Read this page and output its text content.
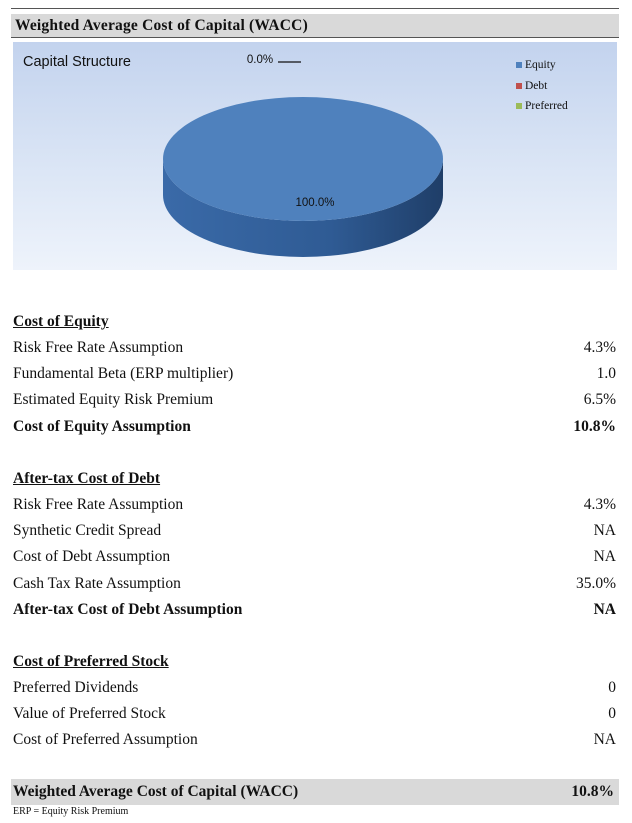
Weighted Average Cost of Capital (WACC)
100.0%
0.0%
Capital Structure	Equity
Debt
Preferred
Cost of Equity
Risk Free Rate Assumption	4.3%
Fundamental Beta (ERP multiplier)	1.0
Estimated Equity Risk Premium	6.5%
Cost of Equity Assumption	10.8%
After-tax Cost of Debt
Risk Free Rate Assumption	4.3%
Synthetic Credit Spread	NA
Cost of Debt Assumption	NA
Cash Tax Rate Assumption	35.0%
After-tax Cost of Debt Assumption	NA
Cost of Preferred Stock
Preferred Dividends	0
Value of Preferred Stock	0
Cost of Preferred Assumption	NA
Weighted Average Cost of Capital (WACC)	10.8%
ERP = Equity Risk Premium
